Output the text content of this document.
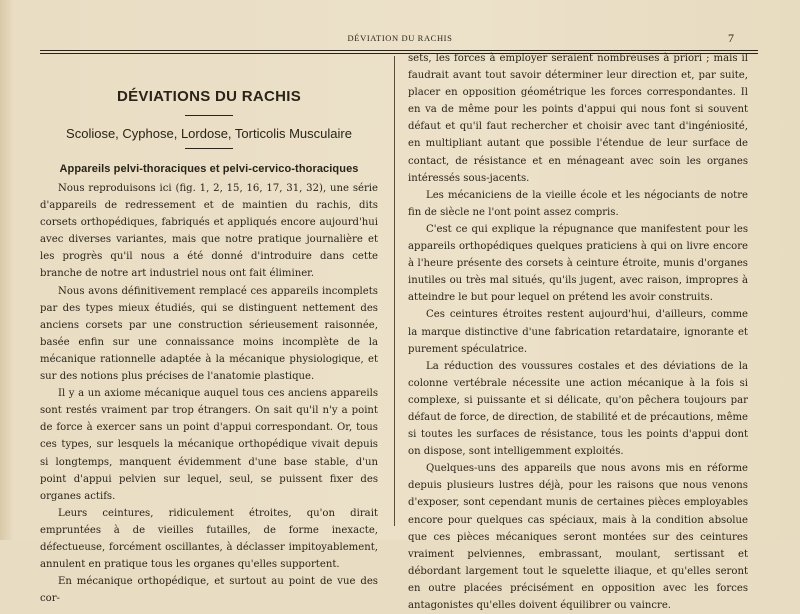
DÉVIATION DU RACHIS	7
DÉVIATIONS DU RACHIS
Scoliose, Cyphose, Lordose, Torticolis Musculaire
Appareils pelvi-thoraciques et pelvi-cervico-thoraciques

Nous reproduisons ici (fig. 1, 2, 15, 16, 17, 31, 32), une série d'appareils de redressement et de maintien du rachis, dits corsets orthopédiques, fabriqués et appliqués encore aujourd'hui avec diverses variantes, mais que notre pratique journalière et les progrès qu'il nous a été donné d'introduire dans cette branche de notre art industriel nous ont fait éliminer.

Nous avons définitivement remplacé ces appareils incomplets par des types mieux étudiés, qui se distinguent nettement des anciens corsets par une construction sérieusement raisonnée, basée enfin sur une connaissance moins incomplète de la mécanique rationnelle adaptée à la mécanique physiologique, et sur des notions plus précises de l'anatomie plastique.

Il y a un axiome mécanique auquel tous ces anciens appareils sont restés vraiment par trop étrangers. On sait qu'il n'y a point de force à exercer sans un point d'appui correspondant. Or, tous ces types, sur lesquels la mécanique orthopédique vivait depuis si longtemps, manquent évidemment d'une base stable, d'un point d'appui pelvien sur lequel, seul, se puissent fixer des organes actifs.

Leurs ceintures, ridiculement étroites, qu'on dirait empruntées à de vieilles futailles, de forme inexacte, défectueuse, forcément oscillantes, à déclasser impitoyablement, annulent en pratique tous les organes qu'elles supportent.

En mécanique orthopédique, et surtout au point de vue des cor-

sets, les forces à employer seraient nombreuses à priori ; mais il faudrait avant tout savoir déterminer leur direction et, par suite, placer en opposition géométrique les forces correspondantes. Il en va de même pour les points d'appui qui nous font si souvent défaut et qu'il faut rechercher et choisir avec tant d'ingéniosité, en multipliant autant que possible l'étendue de leur surface de contact, de résistance et en ménageant avec soin les organes intéressés sous-jacents.

Les mécaniciens de la vieille école et les négociants de notre fin de siècle ne l'ont point assez compris.

C'est ce qui explique la répugnance que manifestent pour les appareils orthopédiques quelques praticiens à qui on livre encore à l'heure présente des corsets à ceinture étroite, munis d'organes inutiles ou très mal situés, qu'ils jugent, avec raison, impropres à atteindre le but pour lequel on prétend les avoir construits.

Ces ceintures étroites restent aujourd'hui, d'ailleurs, comme la marque distinctive d'une fabrication retardataire, ignorante et purement spéculatrice.

La réduction des voussures costales et des déviations de la colonne vertébrale nécessite une action mécanique à la fois si complexe, si puissante et si délicate, qu'on pêchera toujours par défaut de force, de direction, de stabilité et de précautions, même si toutes les surfaces de résistance, tous les points d'appui dont on dispose, sont intelligemment exploités.

Quelques-uns des appareils que nous avons mis en réforme depuis plusieurs lustres déjà, pour les raisons que nous venons d'exposer, sont cependant munis de certaines pièces employables encore pour quelques cas spéciaux, mais à la condition absolue que ces pièces mécaniques seront montées sur des ceintures vraiment pelviennes, embrassant, moulant, sertissant et débordant largement tout le squelette iliaque, et qu'elles seront en outre placées précisément en opposition avec les forces antagonistes qu'elles doivent équilibrer ou vaincre.
